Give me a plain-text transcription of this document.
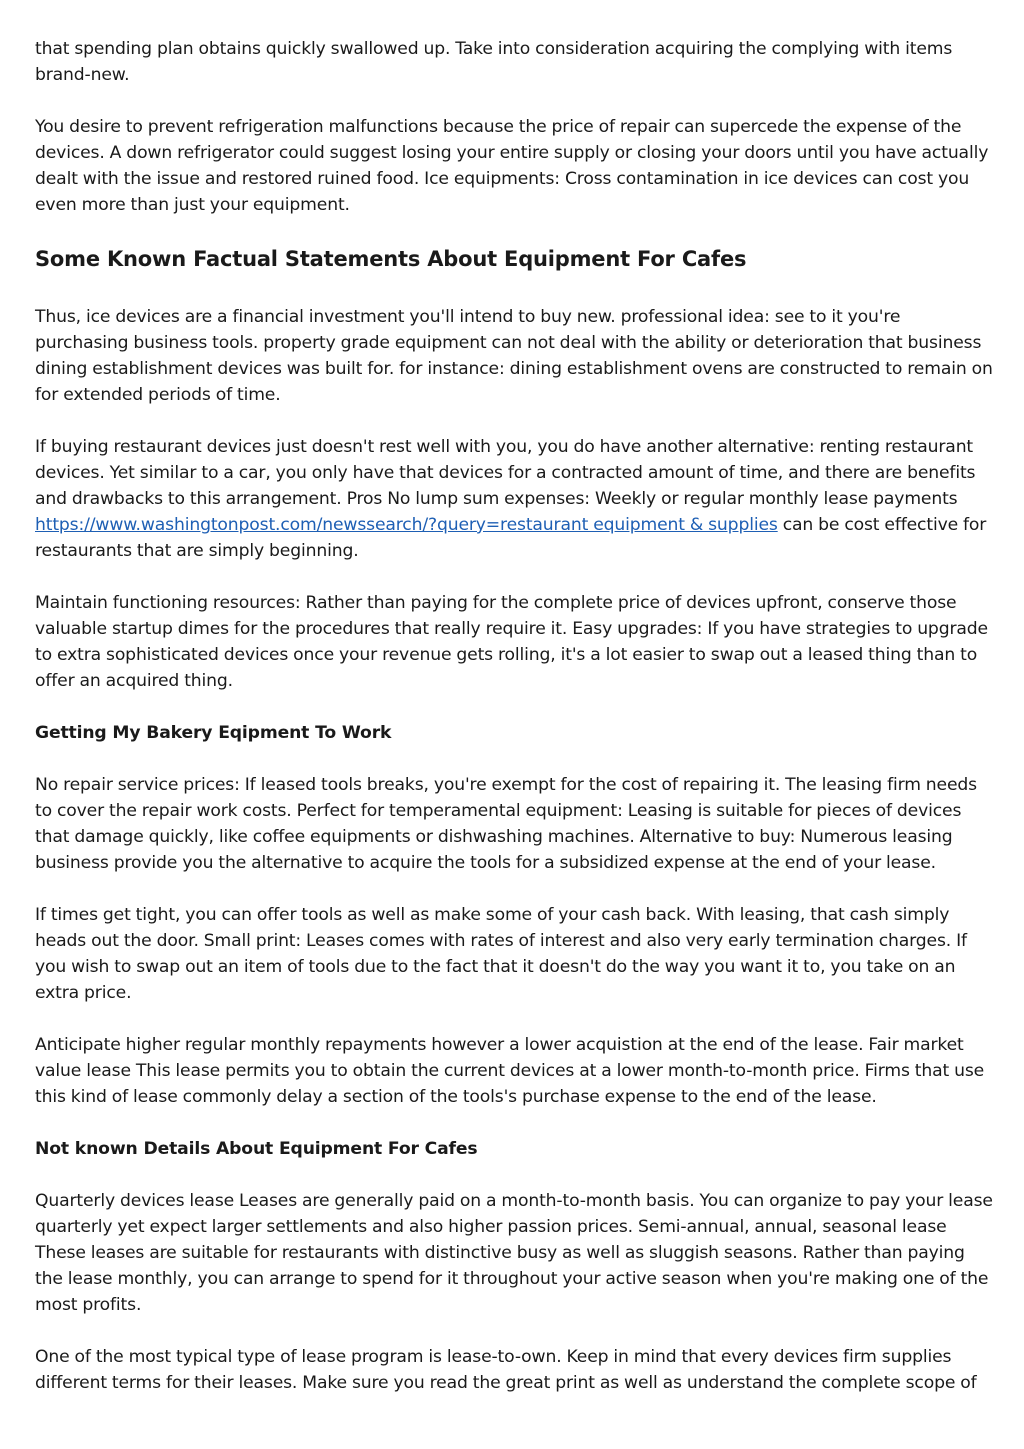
that spending plan obtains quickly swallowed up. Take into consideration acquiring the complying with items brand-new.

You desire to prevent refrigeration malfunctions because the price of repair can supercede the expense of the devices. A down refrigerator could suggest losing your entire supply or closing your doors until you have actually dealt with the issue and restored ruined food. Ice equipments: Cross contamination in ice devices can cost you even more than just your equipment.

Some Known Factual Statements About Equipment For Cafes

Thus, ice devices are a financial investment you'll intend to buy new. professional idea: see to it you're purchasing business tools. property grade equipment can not deal with the ability or deterioration that business dining establishment devices was built for. for instance: dining establishment ovens are constructed to remain on for extended periods of time.

If buying restaurant devices just doesn't rest well with you, you do have another alternative: renting restaurant devices. Yet similar to a car, you only have that devices for a contracted amount of time, and there are benefits and drawbacks to this arrangement. Pros No lump sum expenses: Weekly or regular monthly lease payments https://www.washingtonpost.com/newssearch/?query=restaurant equipment & supplies can be cost effective for restaurants that are simply beginning.

Maintain functioning resources: Rather than paying for the complete price of devices upfront, conserve those valuable startup dimes for the procedures that really require it. Easy upgrades: If you have strategies to upgrade to extra sophisticated devices once your revenue gets rolling, it's a lot easier to swap out a leased thing than to offer an acquired thing.

Getting My Bakery Eqipment To Work

No repair service prices: If leased tools breaks, you're exempt for the cost of repairing it. The leasing firm needs to cover the repair work costs. Perfect for temperamental equipment: Leasing is suitable for pieces of devices that damage quickly, like coffee equipments or dishwashing machines. Alternative to buy: Numerous leasing business provide you the alternative to acquire the tools for a subsidized expense at the end of your lease.

If times get tight, you can offer tools as well as make some of your cash back. With leasing, that cash simply heads out the door. Small print: Leases comes with rates of interest and also very early termination charges. If you wish to swap out an item of tools due to the fact that it doesn't do the way you want it to, you take on an extra price.

Anticipate higher regular monthly repayments however a lower acquistion at the end of the lease. Fair market value lease This lease permits you to obtain the current devices at a lower month-to-month price. Firms that use this kind of lease commonly delay a section of the tools's purchase expense to the end of the lease.

Not known Details About Equipment For Cafes

Quarterly devices lease Leases are generally paid on a month-to-month basis. You can organize to pay your lease quarterly yet expect larger settlements and also higher passion prices. Semi-annual, annual, seasonal lease These leases are suitable for restaurants with distinctive busy as well as sluggish seasons. Rather than paying the lease monthly, you can arrange to spend for it throughout your active season when you're making one of the most profits.

One of the most typical type of lease program is lease-to-own. Keep in mind that every devices firm supplies different terms for their leases. Make sure you read the great print as well as understand the complete scope of
